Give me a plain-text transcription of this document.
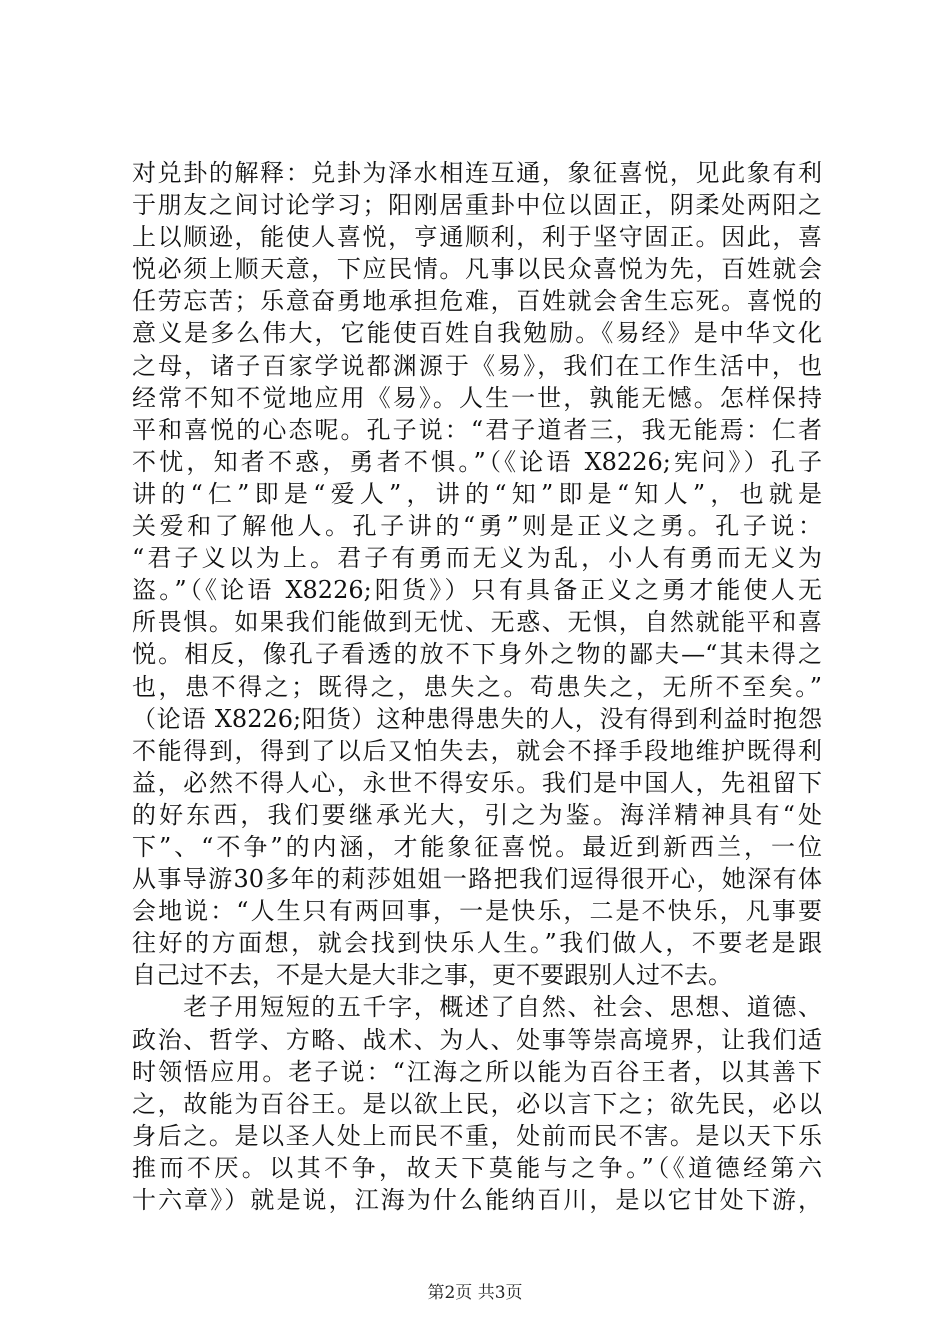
对兑卦的解释：兑卦为泽水相连互通，象征喜悦，见此象有利
于朋友之间讨论学习；阳刚居重卦中位以固正，阴柔处两阳之
上以顺逊，能使人喜悦，亨通顺利，利于坚守固正。因此，喜
悦必须上顺天意，下应民情。凡事以民众喜悦为先，百姓就会
任劳忘苦；乐意奋勇地承担危难，百姓就会舍生忘死。喜悦的
意义是多么伟大，它能使百姓自我勉励。《易经》是中华文化
之母，诸子百家学说都渊源于《易》，我们在工作生活中，也
经常不知不觉地应用《易》。人生一世，孰能无憾。怎样保持
平和喜悦的心态呢。孔子说：“君子道者三，我无能焉：仁者
不忧，知者不惑，勇者不惧。”（《论语 X8226;宪问》）孔子
讲的“仁”即是“爱人”，讲的“知”即是“知人”，也就是
关爱和了解他人。孔子讲的“勇”则是正义之勇。孔子说：
“君子义以为上。君子有勇而无义为乱，小人有勇而无义为
盗。”（《论语 X8226;阳货》）只有具备正义之勇才能使人无
所畏惧。如果我们能做到无忧、无惑、无惧，自然就能平和喜
悦。相反，像孔子看透的放不下身外之物的鄙夫—“其未得之
也，患不得之；既得之，患失之。苟患失之，无所不至矣。”
（论语 X8226;阳货）这种患得患失的人，没有得到利益时抱怨
不能得到，得到了以后又怕失去，就会不择手段地维护既得利
益，必然不得人心，永世不得安乐。我们是中国人，先祖留下
的好东西，我们要继承光大，引之为鉴。海洋精神具有“处
下”、“不争”的内涵，才能象征喜悦。最近到新西兰，一位
从事导游30多年的莉莎姐姐一路把我们逗得很开心，她深有体
会地说：“人生只有两回事，一是快乐，二是不快乐，凡事要
往好的方面想，就会找到快乐人生。”我们做人，不要老是跟
自己过不去，不是大是大非之事，更不要跟别人过不去。
　　老子用短短的五千字，概述了自然、社会、思想、道德、
政治、哲学、方略、战术、为人、处事等崇高境界，让我们适
时领悟应用。老子说：“江海之所以能为百谷王者，以其善下
之，故能为百谷王。是以欲上民，必以言下之；欲先民，必以
身后之。是以圣人处上而民不重，处前而民不害。是以天下乐
推而不厌。以其不争，故天下莫能与之争。”（《道德经第六
十六章》）就是说，江海为什么能纳百川，是以它甘处下游，
第2页 共3页
